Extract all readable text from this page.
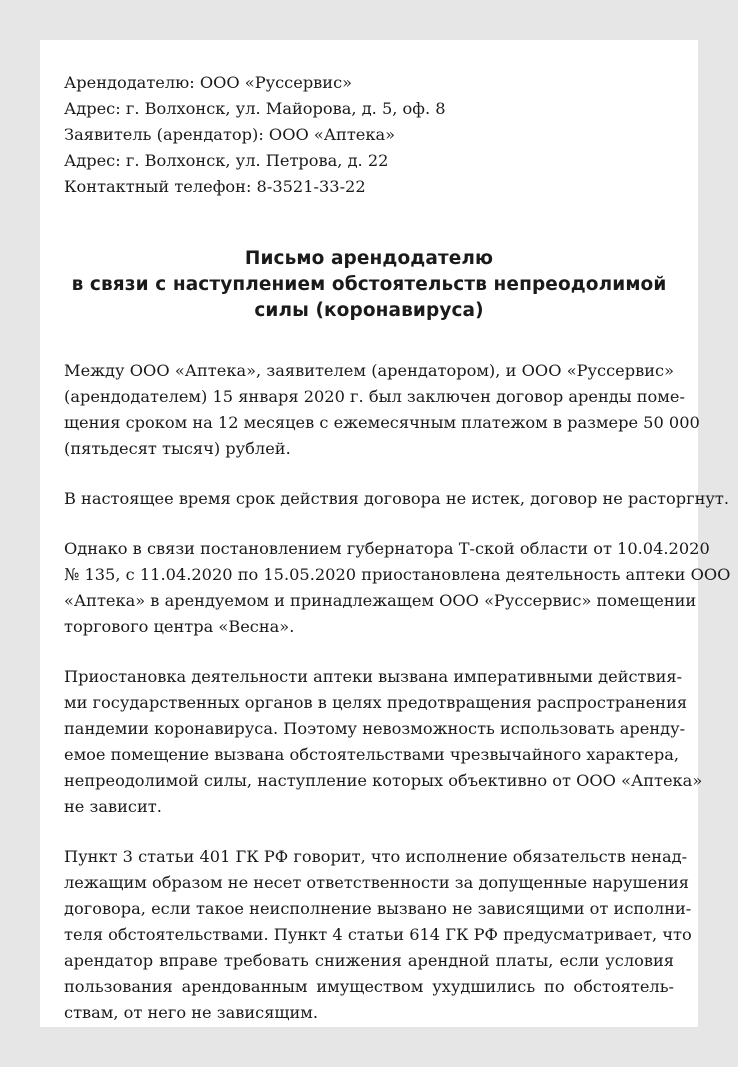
Арендодателю: ООО «Руссервис»
Адрес: г. Волхонск, ул. Майорова, д. 5, оф. 8
Заявитель (арендатор): ООО «Аптека»
Адрес: г. Волхонск, ул. Петрова, д. 22
Контактный телефон: 8-3521-33-22
Письмо арендодателю
в связи с наступлением обстоятельств непреодолимой
силы (коронавируса)
Между ООО «Аптека», заявителем (арендатором), и ООО «Руссервис»
(арендодателем) 15 января 2020 г. был заключен договор аренды поме-
щения сроком на 12 месяцев с ежемесячным платежом в размере 50 000
(пятьдесят тысяч) рублей.
В настоящее время срок действия договора не истек, договор не расторгнут.
Однако в связи постановлением губернатора Т-ской области от 10.04.2020
№ 135, с 11.04.2020 по 15.05.2020 приостановлена деятельность аптеки ООО
«Аптека» в арендуемом и принадлежащем ООО «Руссервис» помещении
торгового центра «Весна».
Приостановка деятельности аптеки вызвана императивными действия-
ми государственных органов в целях предотвращения распространения
пандемии коронавируса. Поэтому невозможность использовать аренду-
емое помещение вызвана обстоятельствами чрезвычайного характера,
непреодолимой силы, наступление которых объективно от ООО «Аптека»
не зависит.
Пункт 3 статьи 401 ГК РФ говорит, что исполнение обязательств ненад-
лежащим образом не несет ответственности за допущенные нарушения
договора, если такое неисполнение вызвано не зависящими от исполни-
теля обстоятельствами. Пункт 4 статьи 614 ГК РФ предусматривает, что
арендатор вправе требовать снижения арендной платы, если условия
пользования арендованным имуществом ухудшились по обстоятель-
ствам, от него не зависящим.
